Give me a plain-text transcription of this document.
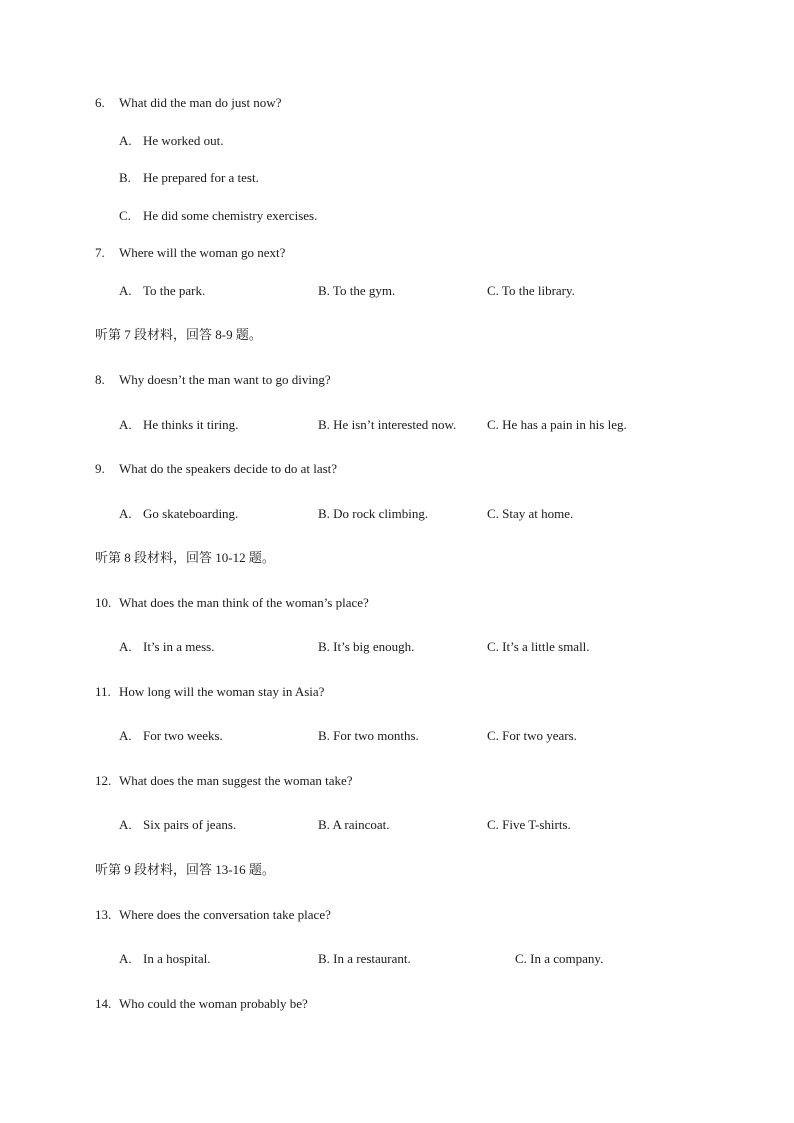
6. What did the man do just now?
A. He worked out.
B. He prepared for a test.
C. He did some chemistry exercises.
7. Where will the woman go next?
A. To the park.	B. To the gym.	C. To the library.
听第 7 段材料，回答 8-9 题。
8. Why doesn’t the man want to go diving?
A. He thinks it tiring.	B. He isn’t interested now. C. He has a pain in his leg.
9. What do the speakers decide to do at last?
A. Go skateboarding.	B. Do rock climbing.	C. Stay at home.
听第 8 段材料，回答 10-12 题。
10. What does the man think of the woman’s place?
A. It’s in a mess.	B. It’s big enough.	C. It’s a little small.
11. How long will the woman stay in Asia?
A. For two weeks.	B. For two months.	C. For two years.
12. What does the man suggest the woman take?
A. Six pairs of jeans.	B. A raincoat.	C. Five T-shirts.
听第 9 段材料，回答 13-16 题。
13. Where does the conversation take place?
A. In a hospital.	B. In a restaurant.	C. In a company.
14. Who could the woman probably be?
